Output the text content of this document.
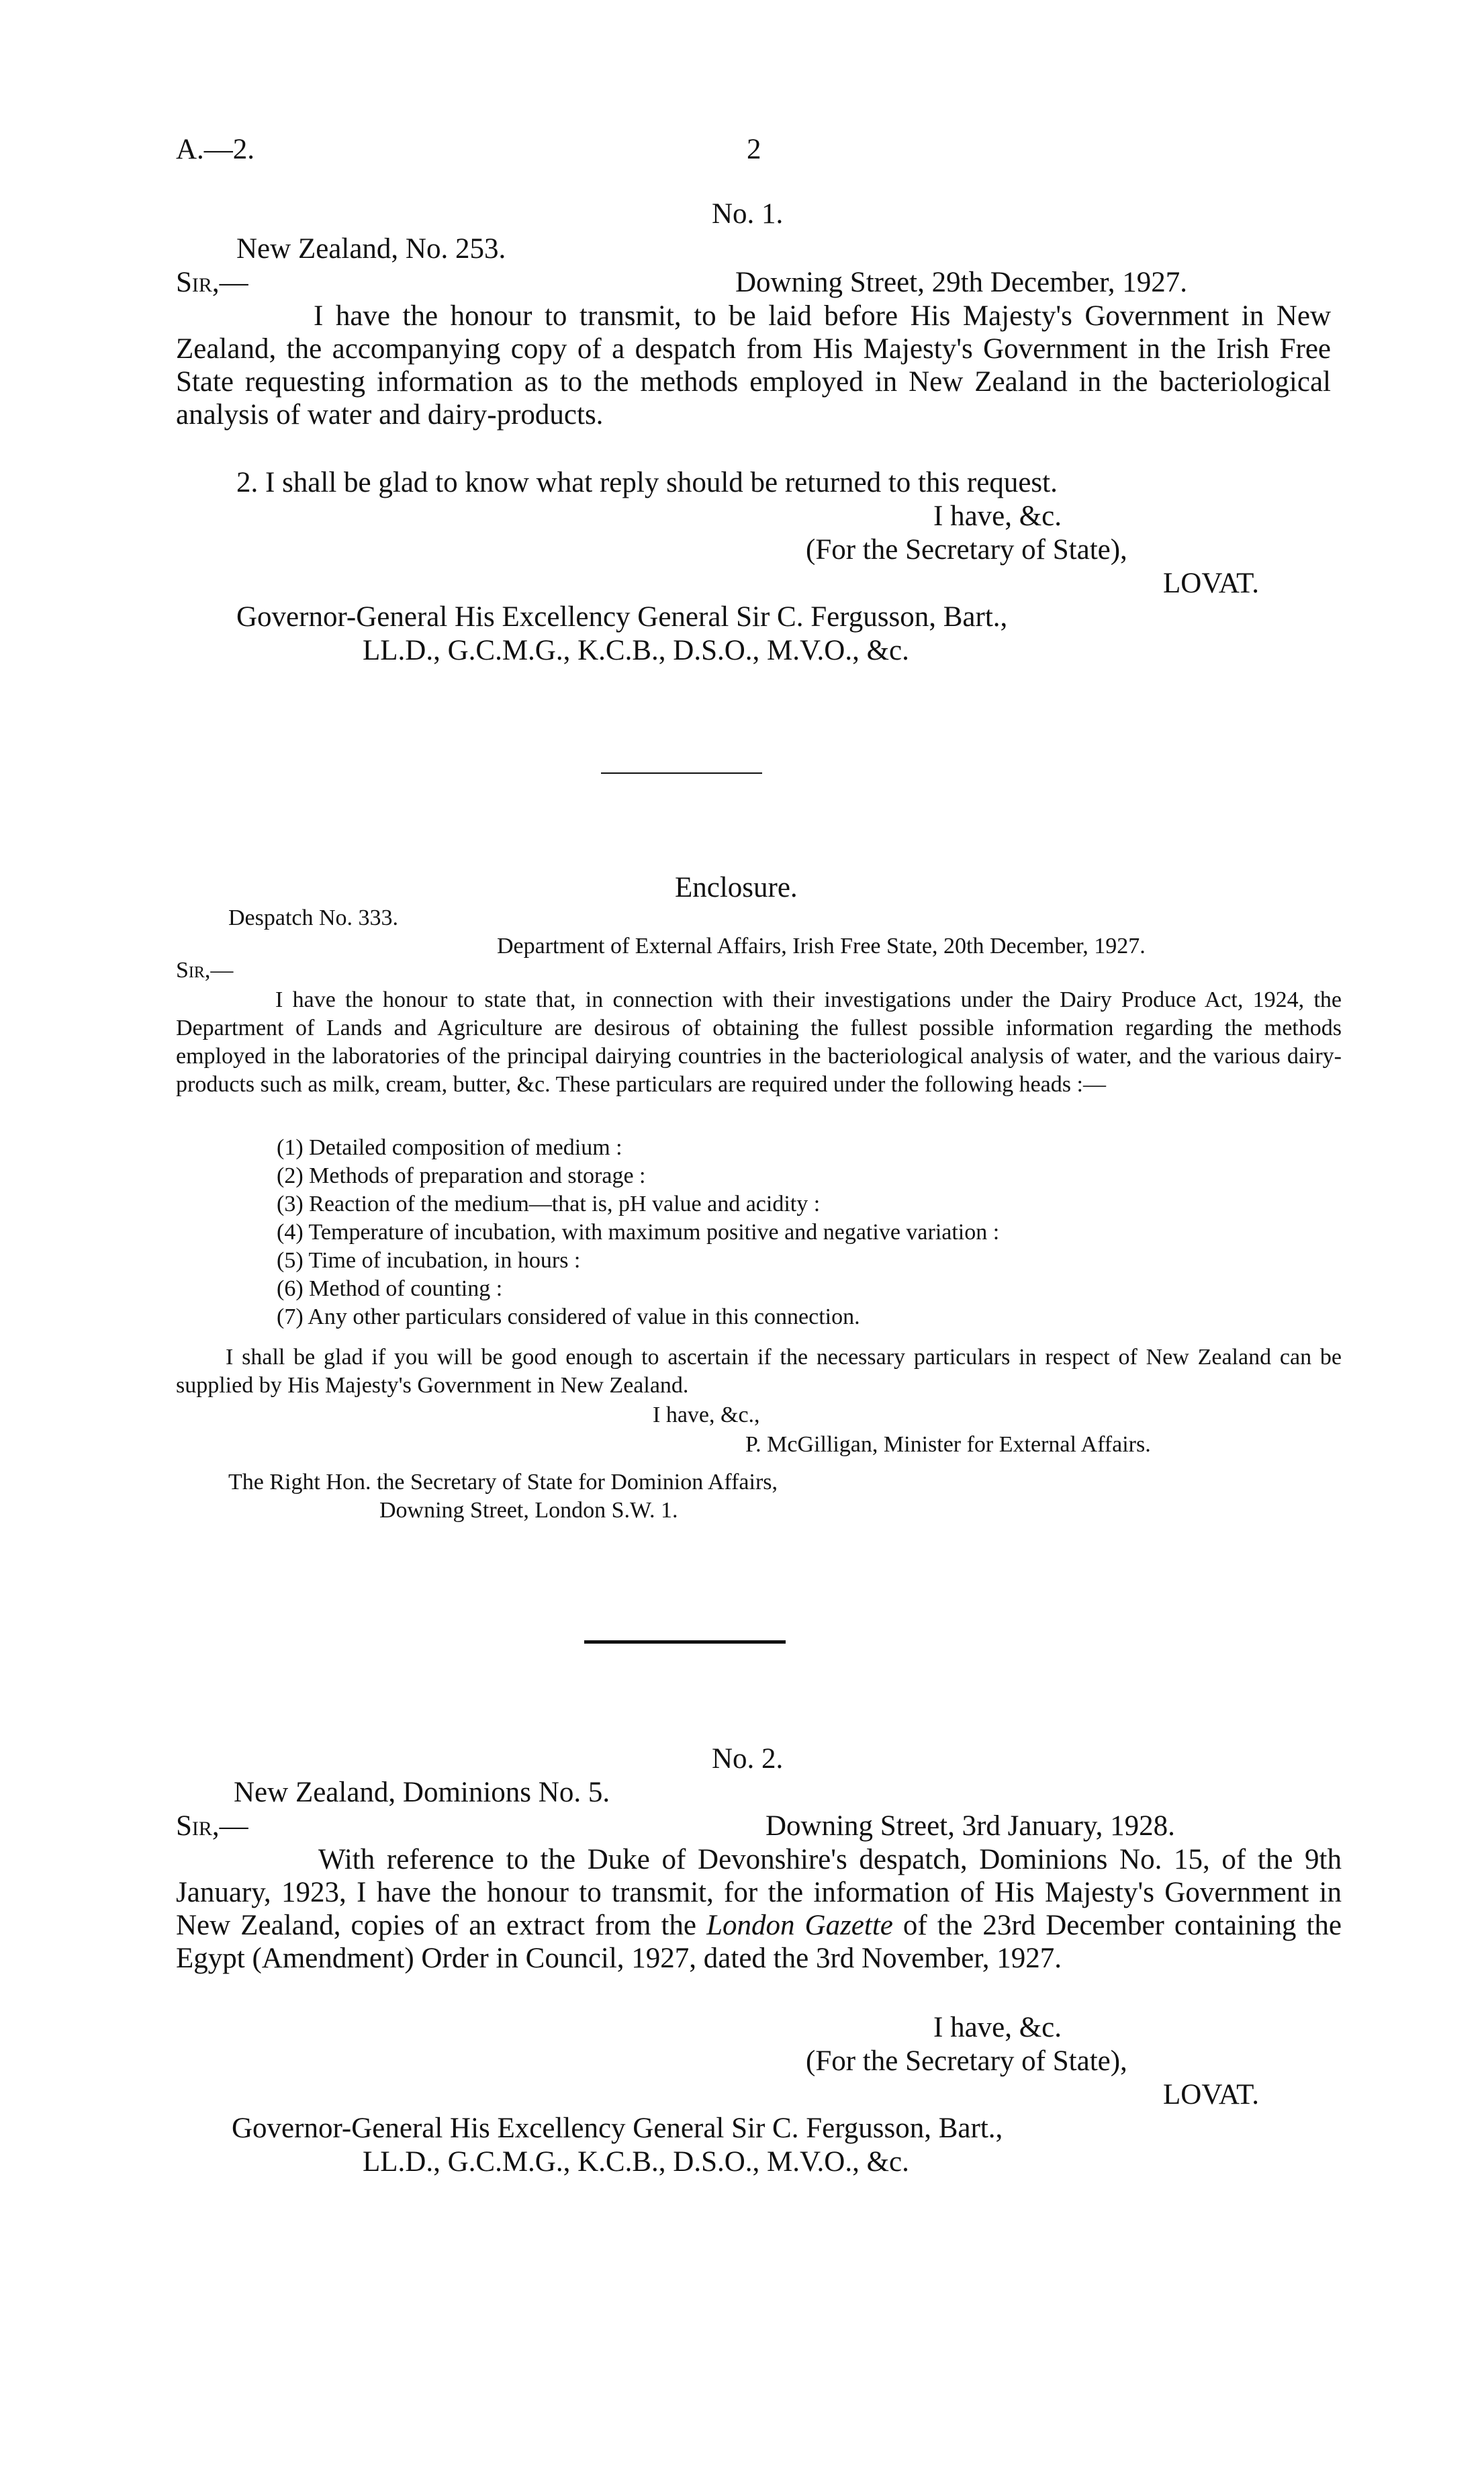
A.—2.	2
No. 1.
New Zealand, No. 253.
Sir,—	Downing Street, 29th December, 1927.
I have the honour to transmit, to be laid before His Majesty's Government in New Zealand, the accompanying copy of a despatch from His Majesty's Government in the Irish Free State requesting information as to the methods employed in New Zealand in the bacteriological analysis of water and dairy-products.
2. I shall be glad to know what reply should be returned to this request.
I have, &c.
(For the Secretary of State),
LOVAT.
Governor-General His Excellency General Sir C. Fergusson, Bart.,
LL.D., G.C.M.G., K.C.B., D.S.O., M.V.O., &c.
Enclosure.
Despatch No. 333.
Department of External Affairs, Irish Free State, 20th December, 1927.
Sir,—
I have the honour to state that, in connection with their investigations under the Dairy Produce Act, 1924, the Department of Lands and Agriculture are desirous of obtaining the fullest possible information regarding the methods employed in the laboratories of the principal dairying countries in the bacteriological analysis of water, and the various dairy-products such as milk, cream, butter, &c. These particulars are required under the following heads :—
(1) Detailed composition of medium :
(2) Methods of preparation and storage :
(3) Reaction of the medium—that is, pH value and acidity :
(4) Temperature of incubation, with maximum positive and negative variation :
(5) Time of incubation, in hours :
(6) Method of counting :
(7) Any other particulars considered of value in this connection.
I shall be glad if you will be good enough to ascertain if the necessary particulars in respect of New Zealand can be supplied by His Majesty's Government in New Zealand.
I have, &c.,
P. McGilligan, Minister for External Affairs.
The Right Hon. the Secretary of State for Dominion Affairs,
Downing Street, London S.W. 1.
No. 2.
New Zealand, Dominions No. 5.
Sir,—	Downing Street, 3rd January, 1928.
With reference to the Duke of Devonshire's despatch, Dominions No. 15, of the 9th January, 1923, I have the honour to transmit, for the information of His Majesty's Government in New Zealand, copies of an extract from the London Gazette of the 23rd December containing the Egypt (Amendment) Order in Council, 1927, dated the 3rd November, 1927.
I have, &c.
(For the Secretary of State),
LOVAT.
Governor-General His Excellency General Sir C. Fergusson, Bart.,
LL.D., G.C.M.G., K.C.B., D.S.O., M.V.O., &c.
